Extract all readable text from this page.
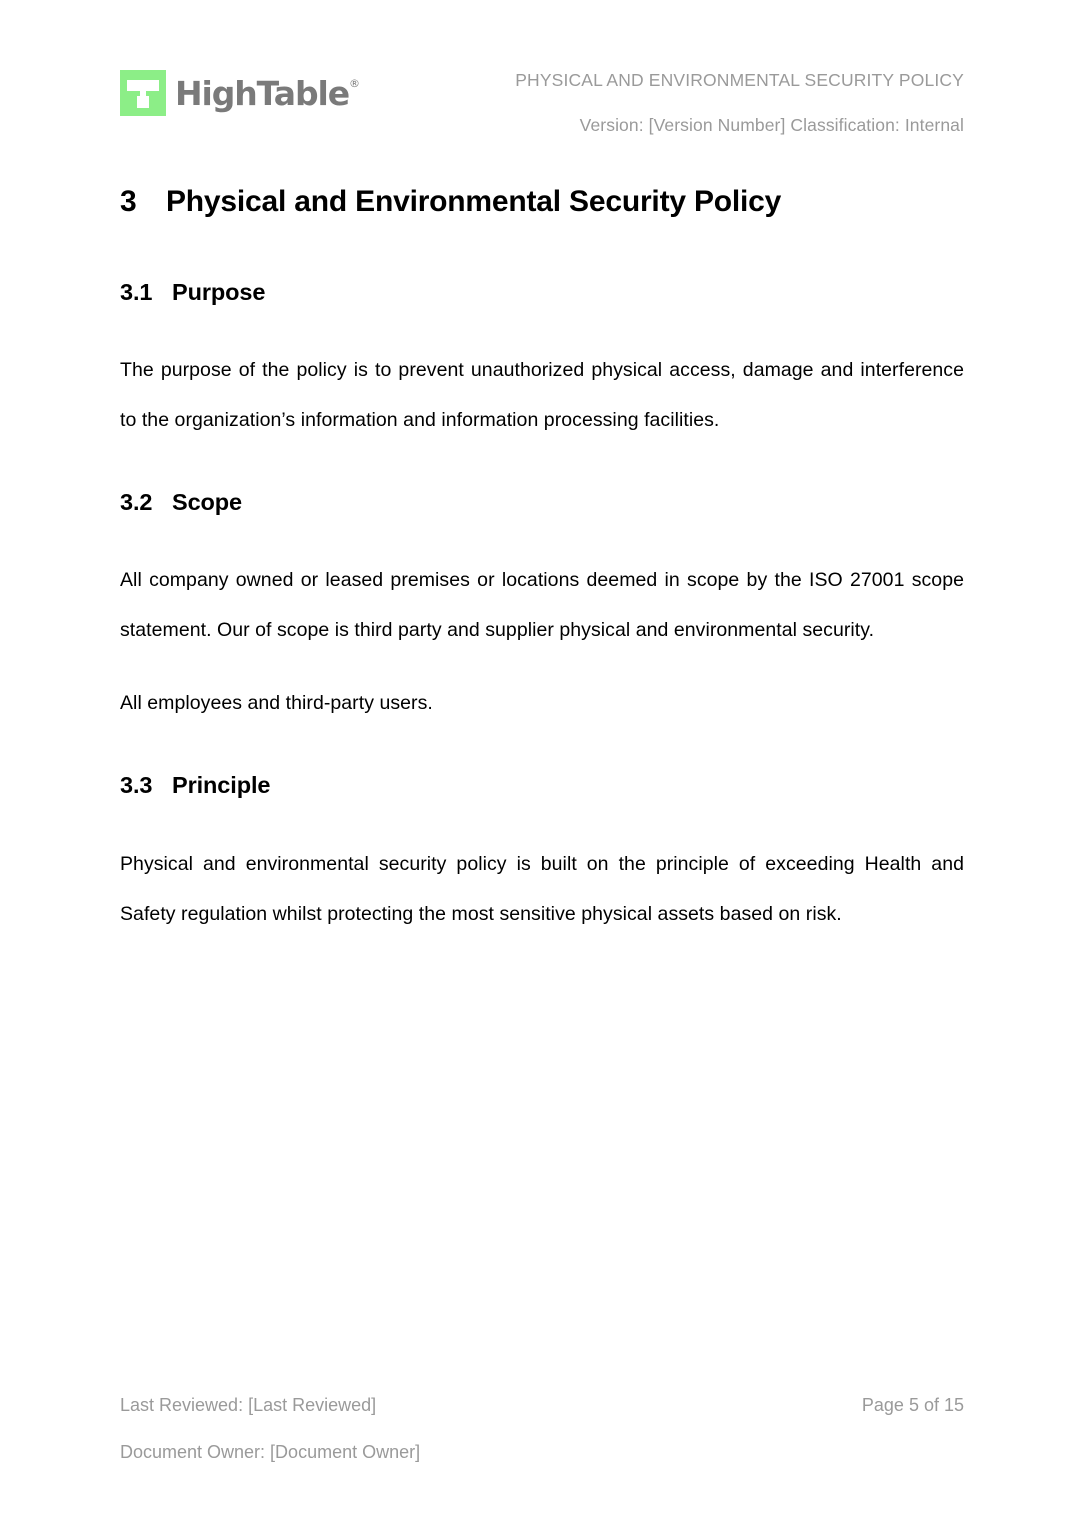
HighTable®	PHYSICAL AND ENVIRONMENTAL SECURITY POLICY
Version: [Version Number] Classification: Internal
3 Physical and Environmental Security Policy
3.1 Purpose

The purpose of the policy is to prevent unauthorized physical access, damage and interference to the organization’s information and information processing facilities.

3.2 Scope

All company owned or leased premises or locations deemed in scope by the ISO 27001 scope statement. Our of scope is third party and supplier physical and environmental security.

All employees and third-party users.

3.3 Principle

Physical and environmental security policy is built on the principle of exceeding Health and Safety regulation whilst protecting the most sensitive physical assets based on risk.

Last Reviewed: [Last Reviewed]	Page 5 of 15
Document Owner: [Document Owner]
